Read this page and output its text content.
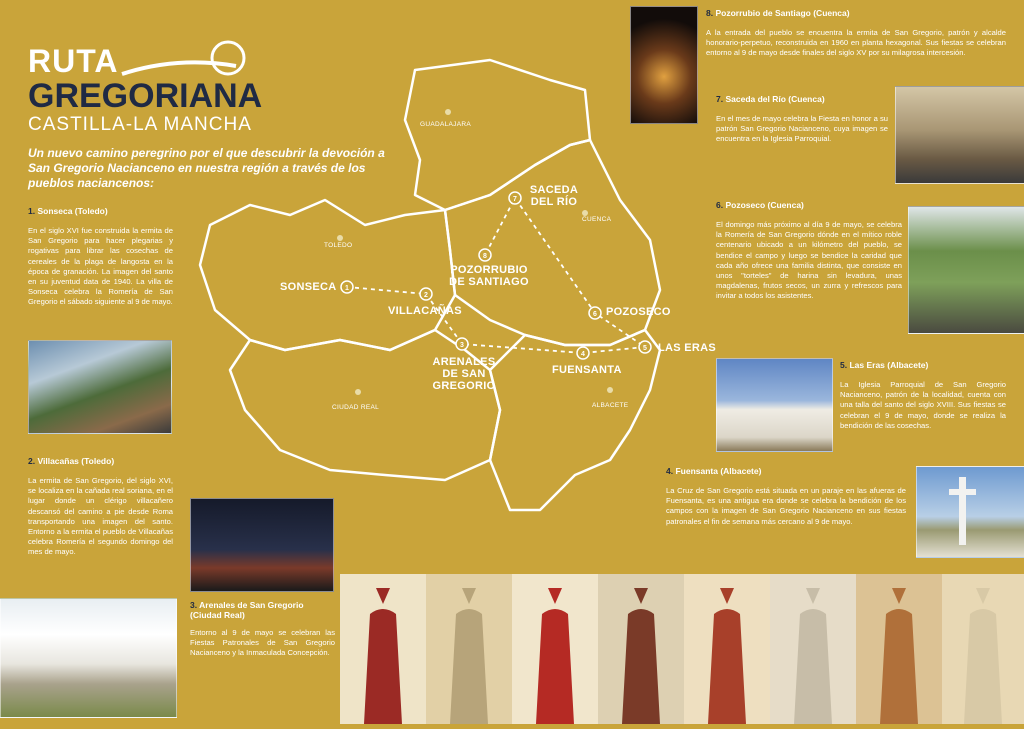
RUTA
GREGORIANA
CASTILLA-LA MANCHA
Un nuevo camino peregrino por el que descubrir la devoción a San Gregorio Nacianceno en nuestra región a través de los pueblos naciancenos:
1. Sonseca (Toledo)
En el siglo XVI fue construida la ermita de San Gregorio para hacer plegarias y rogativas para librar las cosechas de cereales de la plaga de langosta en la época de granación. La imagen del santo en su juventud data de 1940. La villa de Sonseca celebra la Romería de San Gregorio el sábado siguiente al 9 de mayo.
2. Villacañas (Toledo)
La ermita de San Gregorio, del siglo XVI, se localiza en la cañada real soriana, en el lugar donde un clérigo villacañero descansó del camino a pie desde Roma transportando una imagen del santo. Entorno a la ermita el pueblo de Villacañas celebra Romería el segundo domingo del mes de mayo.
3. Arenales de San Gregorio (Ciudad Real)
Entorno al 9 de mayo se celebran las Fiestas Patronales de San Gregorio Nacianceno y la Inmaculada Concepción.
1
2
3
4
5
6
7
8
GUADALAJARA
TOLEDO
CUENCA
CIUDAD REAL	ALBACETE
SONSECA
VILLACAÑAS
ARENALES DE SAN GREGORIO
FUENSANTA
LAS ERAS
POZOSECO
SACEDA DEL RÍO
POZORRUBIO DE SANTIAGO
8. Pozorrubio de Santiago (Cuenca)
A la entrada del pueblo se encuentra la ermita de San Gregorio, patrón y alcalde honorario-perpetuo, reconstruida en 1960 en planta hexagonal. Sus fiestas se celebran entorno al 9 de mayo desde finales del siglo XV por su milagrosa intercesión.
7. Saceda del Río (Cuenca)
En el mes de mayo celebra la Fiesta en honor a su patrón San Gregorio Nacianceno, cuya imagen se encuentra en la Iglesia Parroquial.
6. Pozoseco (Cuenca)
El domingo más próximo al día 9 de mayo, se celebra la Romería de San Gregorio dónde en el mítico roble centenario ubicado a un kilómetro del pueblo, se bendice el campo y luego se bendice la caridad que cada año ofrece una familia distinta, que consiste en unos "torteles" de harina sin levadura, unas magdalenas, frutos secos, un zurra y refrescos para invitar a todos los asistentes.
5. Las Eras (Albacete)
La Iglesia Parroquial de San Gregorio Nacianceno, patrón de la localidad, cuenta con una talla del santo del siglo XVIII. Sus fiestas se celebran el 9 de mayo, donde se realiza la bendición de las cosechas.
4. Fuensanta (Albacete)
La Cruz de San Gregorio está situada en un paraje en las afueras de Fuensanta, es una antigua era donde se celebra la bendición de los campos con la imagen de San Gregorio Nacianceno en sus fiestas patronales el fin de semana más cercano al 9 de mayo.
